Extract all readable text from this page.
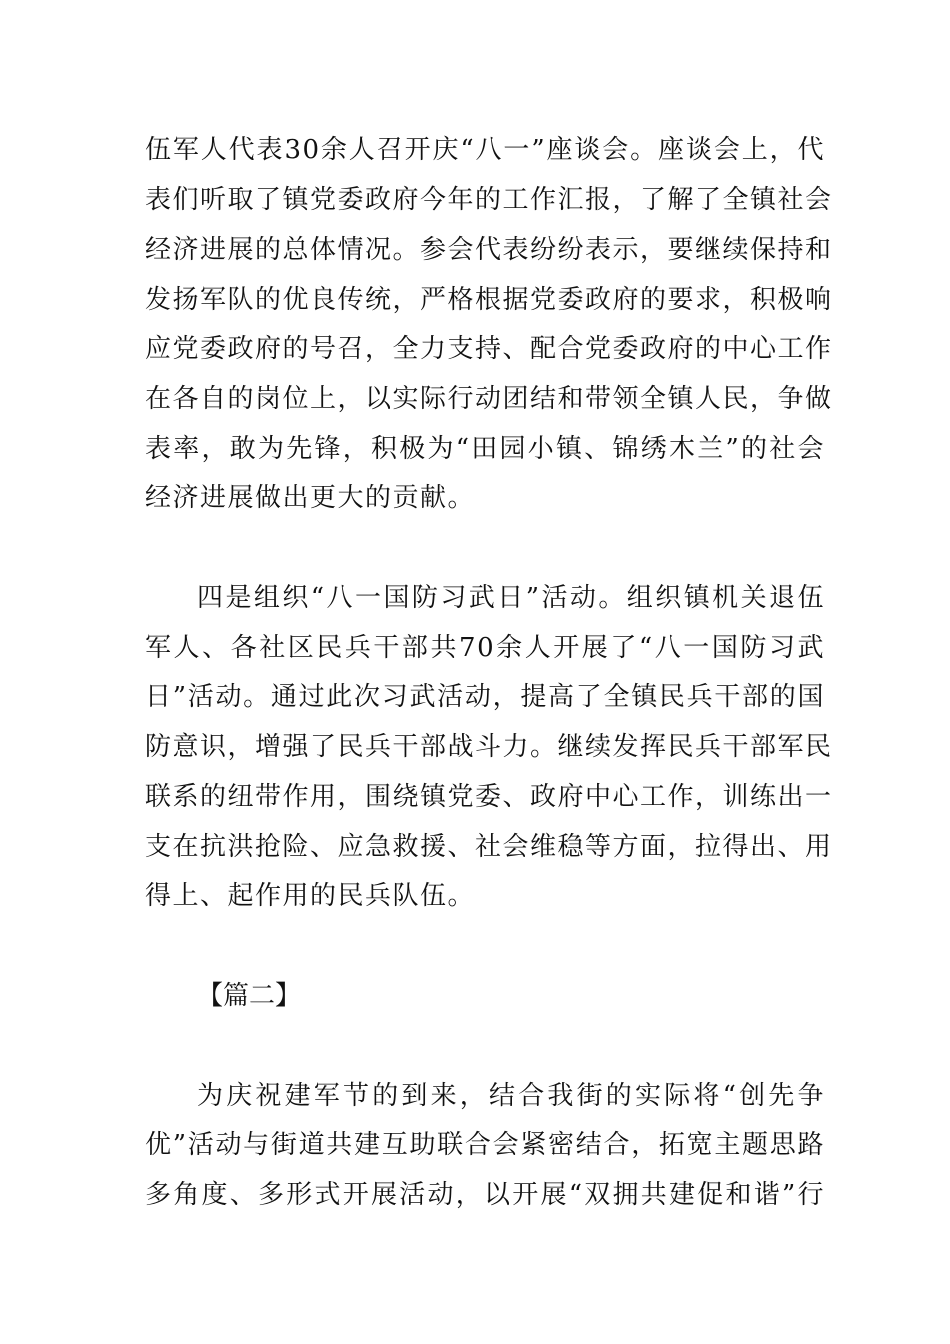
伍军人代表30余人召开庆“八一”座谈会。座谈会上，代
表们听取了镇党委政府今年的工作汇报，了解了全镇社会
经济进展的总体情况。参会代表纷纷表示，要继续保持和
发扬军队的优良传统，严格根据党委政府的要求，积极响
应党委政府的号召，全力支持、配合党委政府的中心工作
在各自的岗位上，以实际行动团结和带领全镇人民，争做
表率，敢为先锋，积极为“田园小镇、锦绣木兰”的社会
经济进展做出更大的贡献。
四是组织“八一国防习武日”活动。组织镇机关退伍
军人、各社区民兵干部共70余人开展了“八一国防习武
日”活动。通过此次习武活动，提高了全镇民兵干部的国
防意识，增强了民兵干部战斗力。继续发挥民兵干部军民
联系的纽带作用，围绕镇党委、政府中心工作，训练出一
支在抗洪抢险、应急救援、社会维稳等方面，拉得出、用
得上、起作用的民兵队伍。
【篇二】
为庆祝建军节的到来，结合我街的实际将“创先争
优”活动与街道共建互助联合会紧密结合，拓宽主题思路
多角度、多形式开展活动，以开展“双拥共建促和谐”行
